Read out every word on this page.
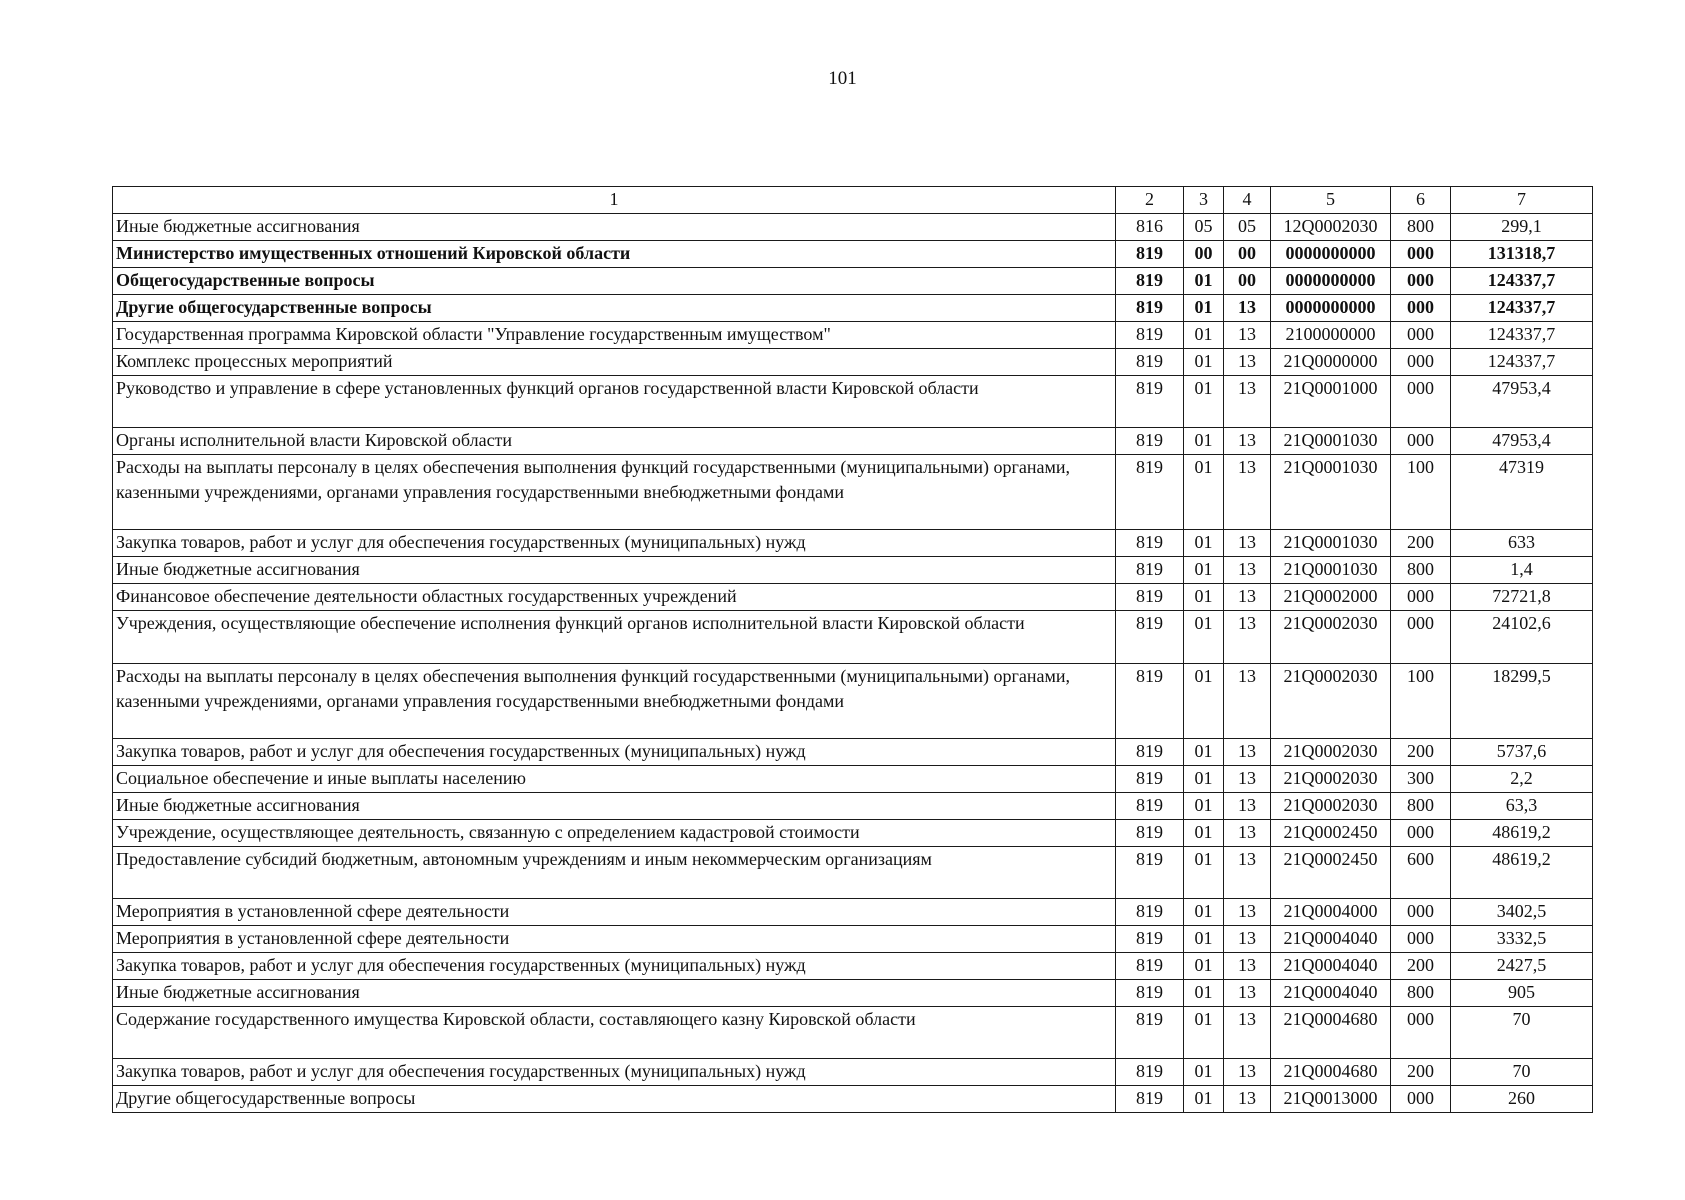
101
1	2	3	4	5	6	7
Иные бюджетные ассигнования	816	05	05	12Q0002030	800	299,1
Министерство имущественных отношений Кировской области	819	00	00	0000000000	000	131318,7
Общегосударственные вопросы	819	01	00	0000000000	000	124337,7
Другие общегосударственные вопросы	819	01	13	0000000000	000	124337,7
Государственная программа Кировской области "Управление государственным имуществом"	819	01	13	2100000000	000	124337,7
Комплекс процессных мероприятий	819	01	13	21Q0000000	000	124337,7
Руководство и управление в сфере установленных функций органов государственной власти Кировской области	819	01	13	21Q0001000	000	47953,4
Органы исполнительной власти Кировской области	819	01	13	21Q0001030	000	47953,4
Расходы на выплаты персоналу в целях обеспечения выполнения функций государственными (муниципальными) органами, казенными учреждениями, органами управления государственными внебюджетными фондами	819	01	13	21Q0001030	100	47319
Закупка товаров, работ и услуг для обеспечения государственных (муниципальных) нужд	819	01	13	21Q0001030	200	633
Иные бюджетные ассигнования	819	01	13	21Q0001030	800	1,4
Финансовое обеспечение деятельности областных государственных учреждений	819	01	13	21Q0002000	000	72721,8
Учреждения, осуществляющие обеспечение исполнения функций органов исполнительной власти Кировской области	819	01	13	21Q0002030	000	24102,6
Расходы на выплаты персоналу в целях обеспечения выполнения функций государственными (муниципальными) органами, казенными учреждениями, органами управления государственными внебюджетными фондами	819	01	13	21Q0002030	100	18299,5
Закупка товаров, работ и услуг для обеспечения государственных (муниципальных) нужд	819	01	13	21Q0002030	200	5737,6
Социальное обеспечение и иные выплаты населению	819	01	13	21Q0002030	300	2,2
Иные бюджетные ассигнования	819	01	13	21Q0002030	800	63,3
Учреждение, осуществляющее деятельность, связанную с определением кадастровой стоимости	819	01	13	21Q0002450	000	48619,2
Предоставление субсидий бюджетным, автономным учреждениям и иным некоммерческим организациям	819	01	13	21Q0002450	600	48619,2
Мероприятия в установленной сфере деятельности	819	01	13	21Q0004000	000	3402,5
Мероприятия в установленной сфере деятельности	819	01	13	21Q0004040	000	3332,5
Закупка товаров, работ и услуг для обеспечения государственных (муниципальных) нужд	819	01	13	21Q0004040	200	2427,5
Иные бюджетные ассигнования	819	01	13	21Q0004040	800	905
Содержание государственного имущества Кировской области, составляющего казну Кировской области	819	01	13	21Q0004680	000	70
Закупка товаров, работ и услуг для обеспечения государственных (муниципальных) нужд	819	01	13	21Q0004680	200	70
Другие общегосударственные вопросы	819	01	13	21Q0013000	000	260
